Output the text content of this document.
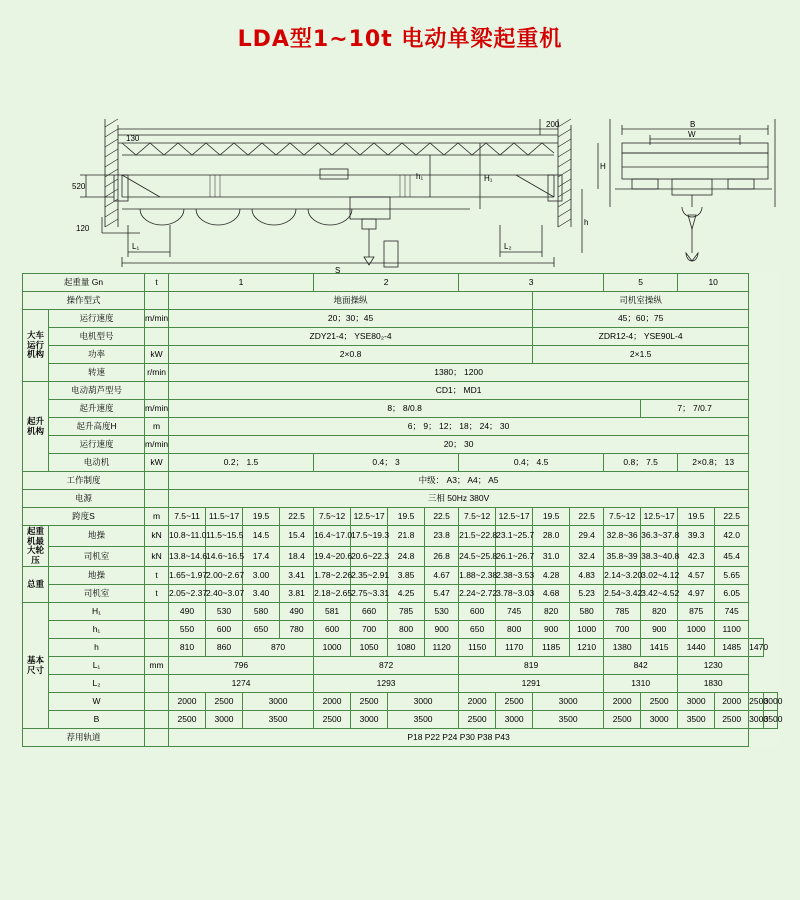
LDA型1~10t 电动单梁起重机
200
130
520
120
L₁	L₂
S
h₁	H₁
B
W
H
h
起重量 Gn		t	1				2				3				5		10			
操作型式			地面操纵										司机室操纵							
大车运行机构	运行速度	m/min	20；30；45										45；60；75							
	电机型号		ZDY21-4； YSE80₂-4										ZDR12-4； YSE90L-4							
	功率	kW	2×0.8										2×1.5							
	转速	r/min	1380； 1200																	
起升机构	电动葫芦型号		CD1； MD1																	
	起升速度	m/min	8； 8/0.8													7； 7/0.7				
	起升高度H	m	6； 9； 12； 18； 24； 30																	
	运行速度	m/min	20； 30																	
	电动机	kW	0.2； 1.5				0.4； 3				0.4； 4.5				0.8； 7.5		2×0.8； 13			
工作制度			中级： A3； A4； A5																	
电源			三相 50Hz 380V																	
跨度S		m	7.5~11	11.5~17	19.5	22.5	7.5~12	12.5~17	19.5	22.5	7.5~12	12.5~17	19.5	22.5	7.5~12	12.5~17	19.5	22.5		
起重机最大轮压	地操	kN	10.8~11.0	11.5~15.5	14.5	15.4	16.4~17.0	17.5~19.3	21.8	23.8	21.5~22.8	23.1~25.7	28.0	29.4	32.8~36	36.3~37.8	39.3	42.0		
	司机室	kN	13.8~14.6	14.6~16.5	17.4	18.4	19.4~20.6	20.6~22.3	24.8	26.8	24.5~25.8	26.1~26.7	31.0	32.4	35.8~39	38.3~40.8	42.3	45.4		
总重	地操	t	1.65~1.97	2.00~2.67	3.00	3.41	1.78~2.26	2.35~2.91	3.85	4.67	1.88~2.38	2.38~3.53	4.28	4.83	2.14~3.20	3.02~4.12	4.57	5.65		
	司机室	t	2.05~2.37	2.40~3.07	3.40	3.81	2.18~2.65	2.75~3.31	4.25	5.47	2.24~2.72	3.78~3.03	4.68	5.23	2.54~3.42	3.42~4.52	4.97	6.05		
基本尺寸	H₁		490	530	580	490	581	660	785	530	600	745	820	580	785	820	875	745		
	h₁		550	600	650	780	600	700	800	900	650	800	900	1000	700	900	1000	1100		
	h		810	860	870		1000	1050	1080	1120	1150	1170	1185	1210	1380	1415	1440	1485	1470	
	L₁	mm	796				872				819				842		1230			
	L₂		1274				1293				1291				1310		1830			
	W		2000	2500	3000		2000	2500	3000		2000	2500	3000		2000	2500	3000	2000	2500	3000
	B		2500	3000	3500		2500	3000	3500		2500	3000	3500		2500	3000	3500	2500	3000	3500
荐用轨道			P18 P22 P24 P30 P38 P43																	
